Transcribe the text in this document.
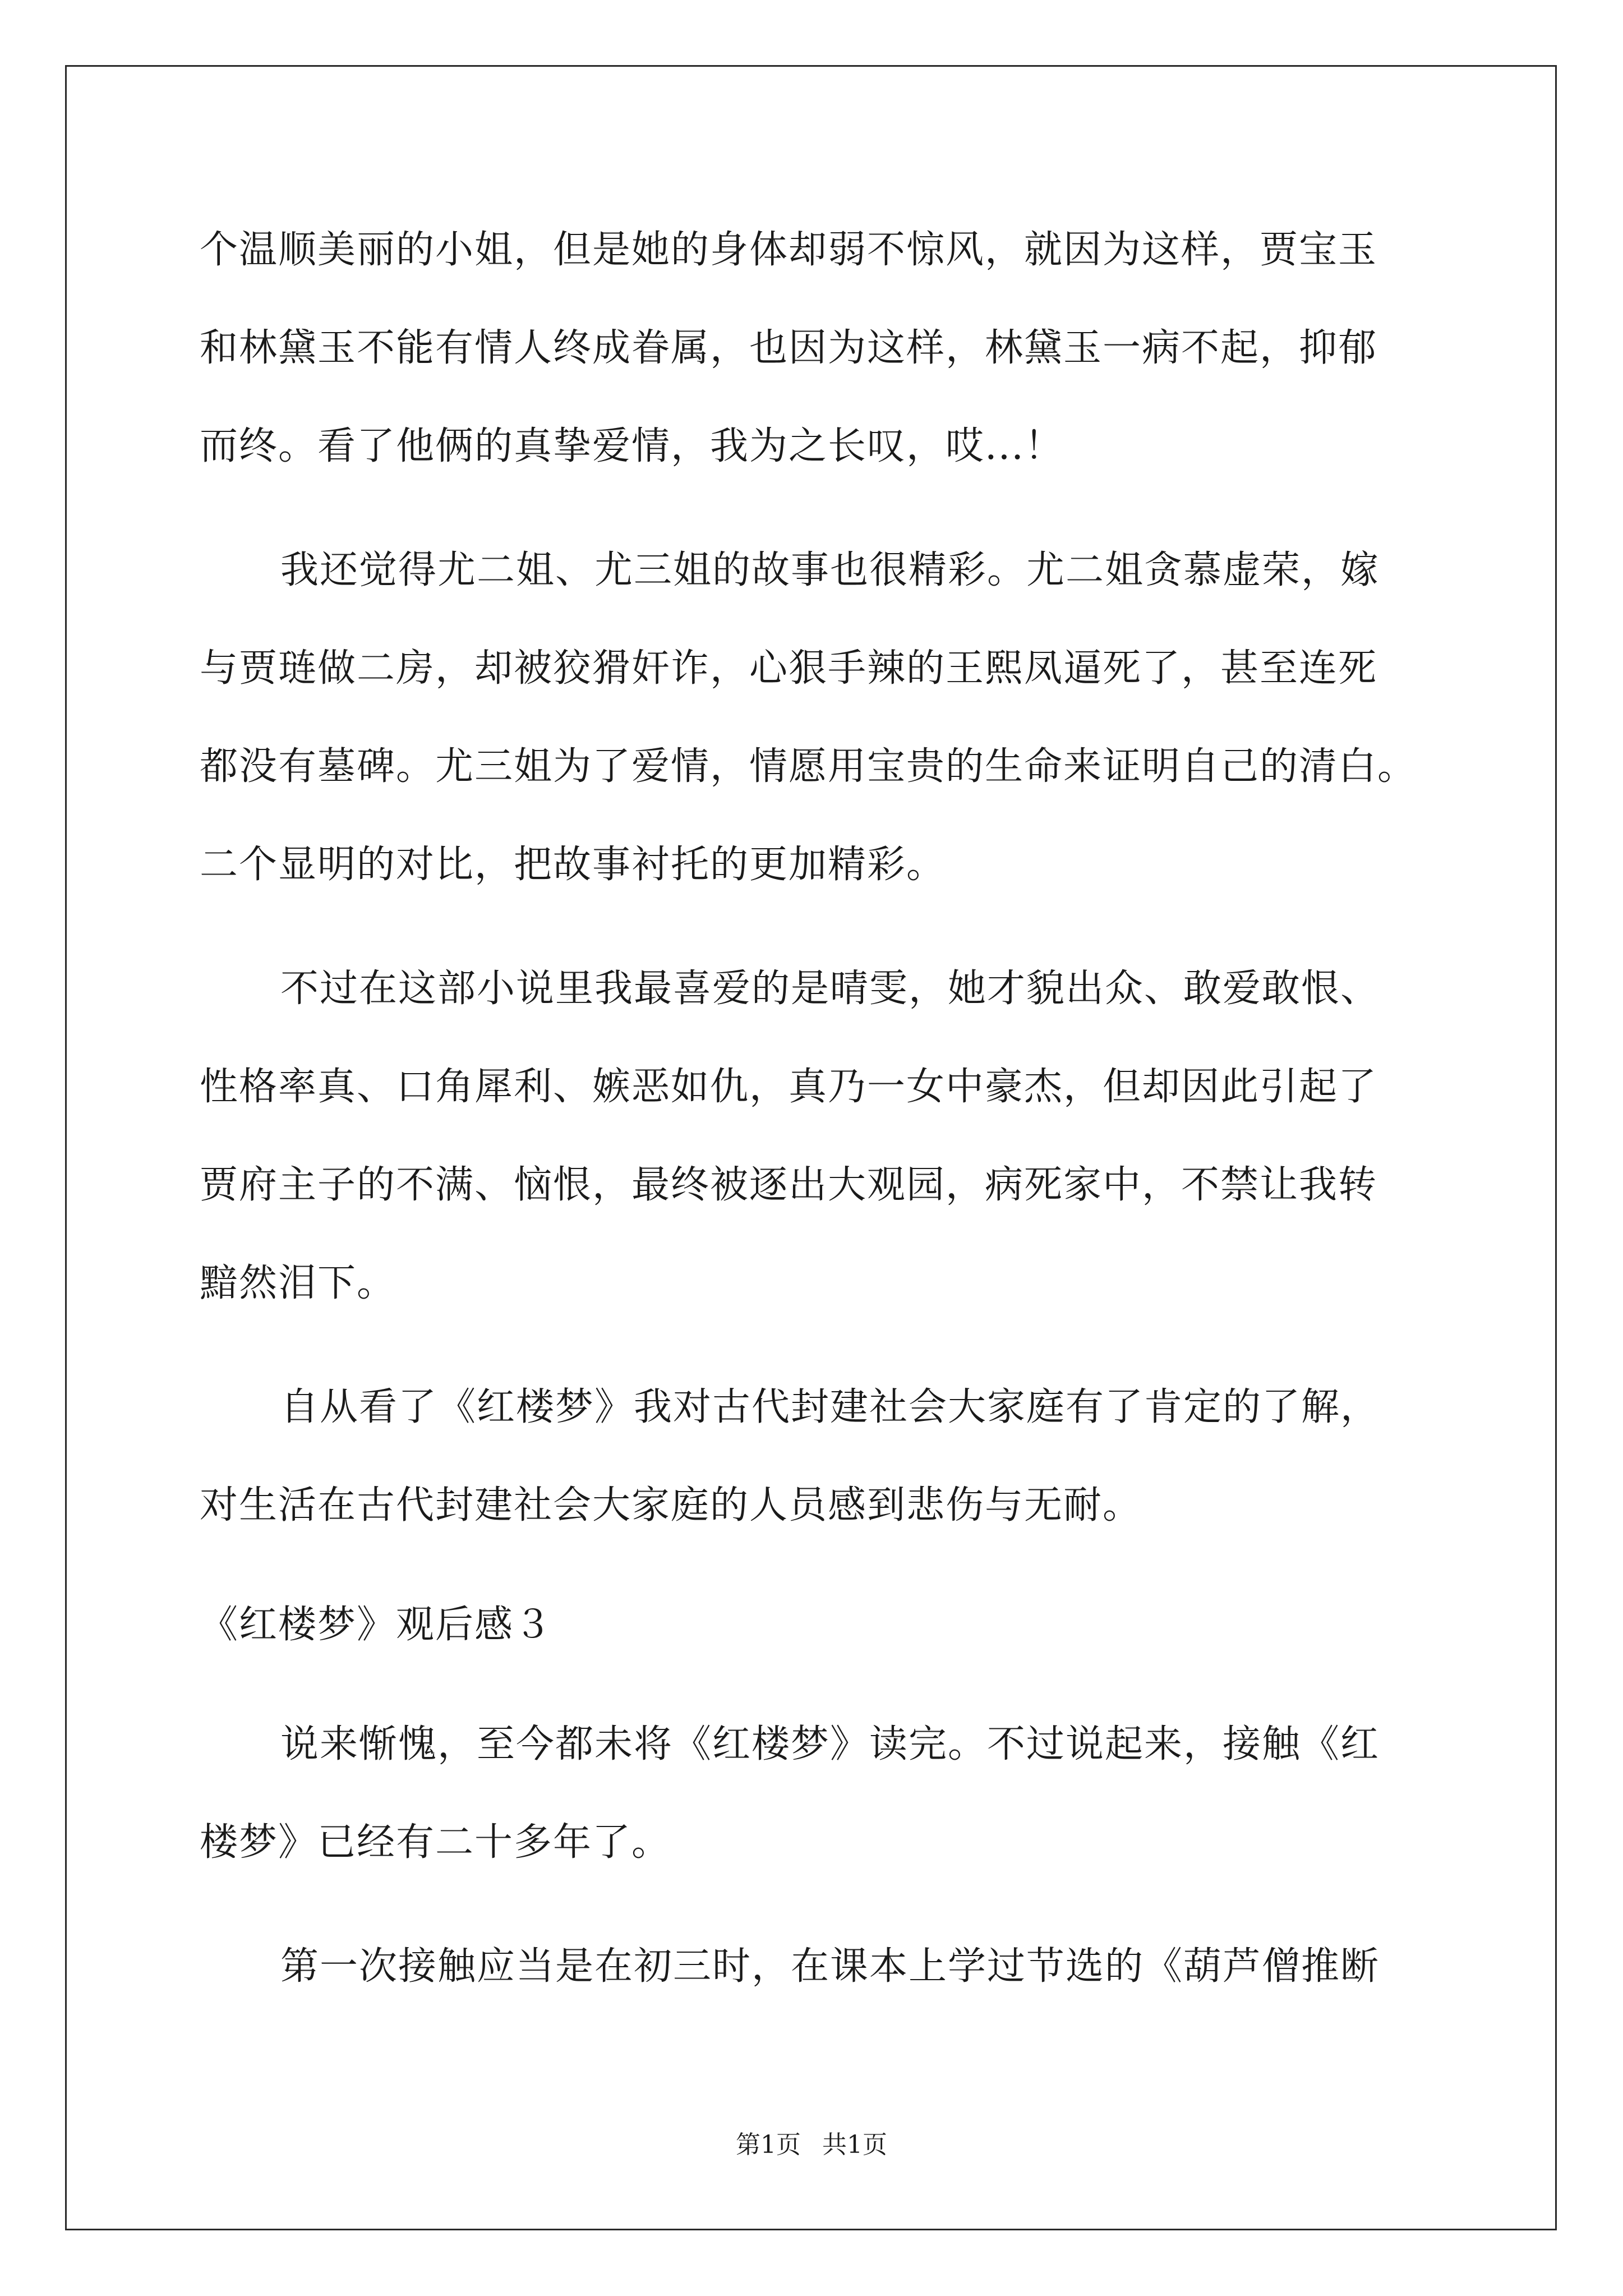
个温顺美丽的小姐，但是她的身体却弱不惊风，就因为这样，贾宝玉
和林黛玉不能有情人终成眷属，也因为这样，林黛玉一病不起，抑郁
而终。看了他俩的真挚爱情，我为之长叹，哎...！
我还觉得尤二姐、尤三姐的故事也很精彩。尤二姐贪慕虚荣，嫁
与贾琏做二房，却被狡猾奸诈，心狠手辣的王熙凤逼死了，甚至连死
都没有墓碑。尤三姐为了爱情，情愿用宝贵的生命来证明自己的清白。
二个显明的对比，把故事衬托的更加精彩。
不过在这部小说里我最喜爱的是晴雯，她才貌出众、敢爱敢恨、
性格率真、口角犀利、嫉恶如仇，真乃一女中豪杰，但却因此引起了
贾府主子的不满、恼恨，最终被逐出大观园，病死家中，不禁让我转
黯然泪下。
自从看了《红楼梦》我对古代封建社会大家庭有了肯定的了解，
对生活在古代封建社会大家庭的人员感到悲伤与无耐。
《红楼梦》观后感３
说来惭愧，至今都未将《红楼梦》读完。不过说起来，接触《红
楼梦》已经有二十多年了。
第一次接触应当是在初三时，在课本上学过节选的《葫芦僧推断
第1页 共1页
